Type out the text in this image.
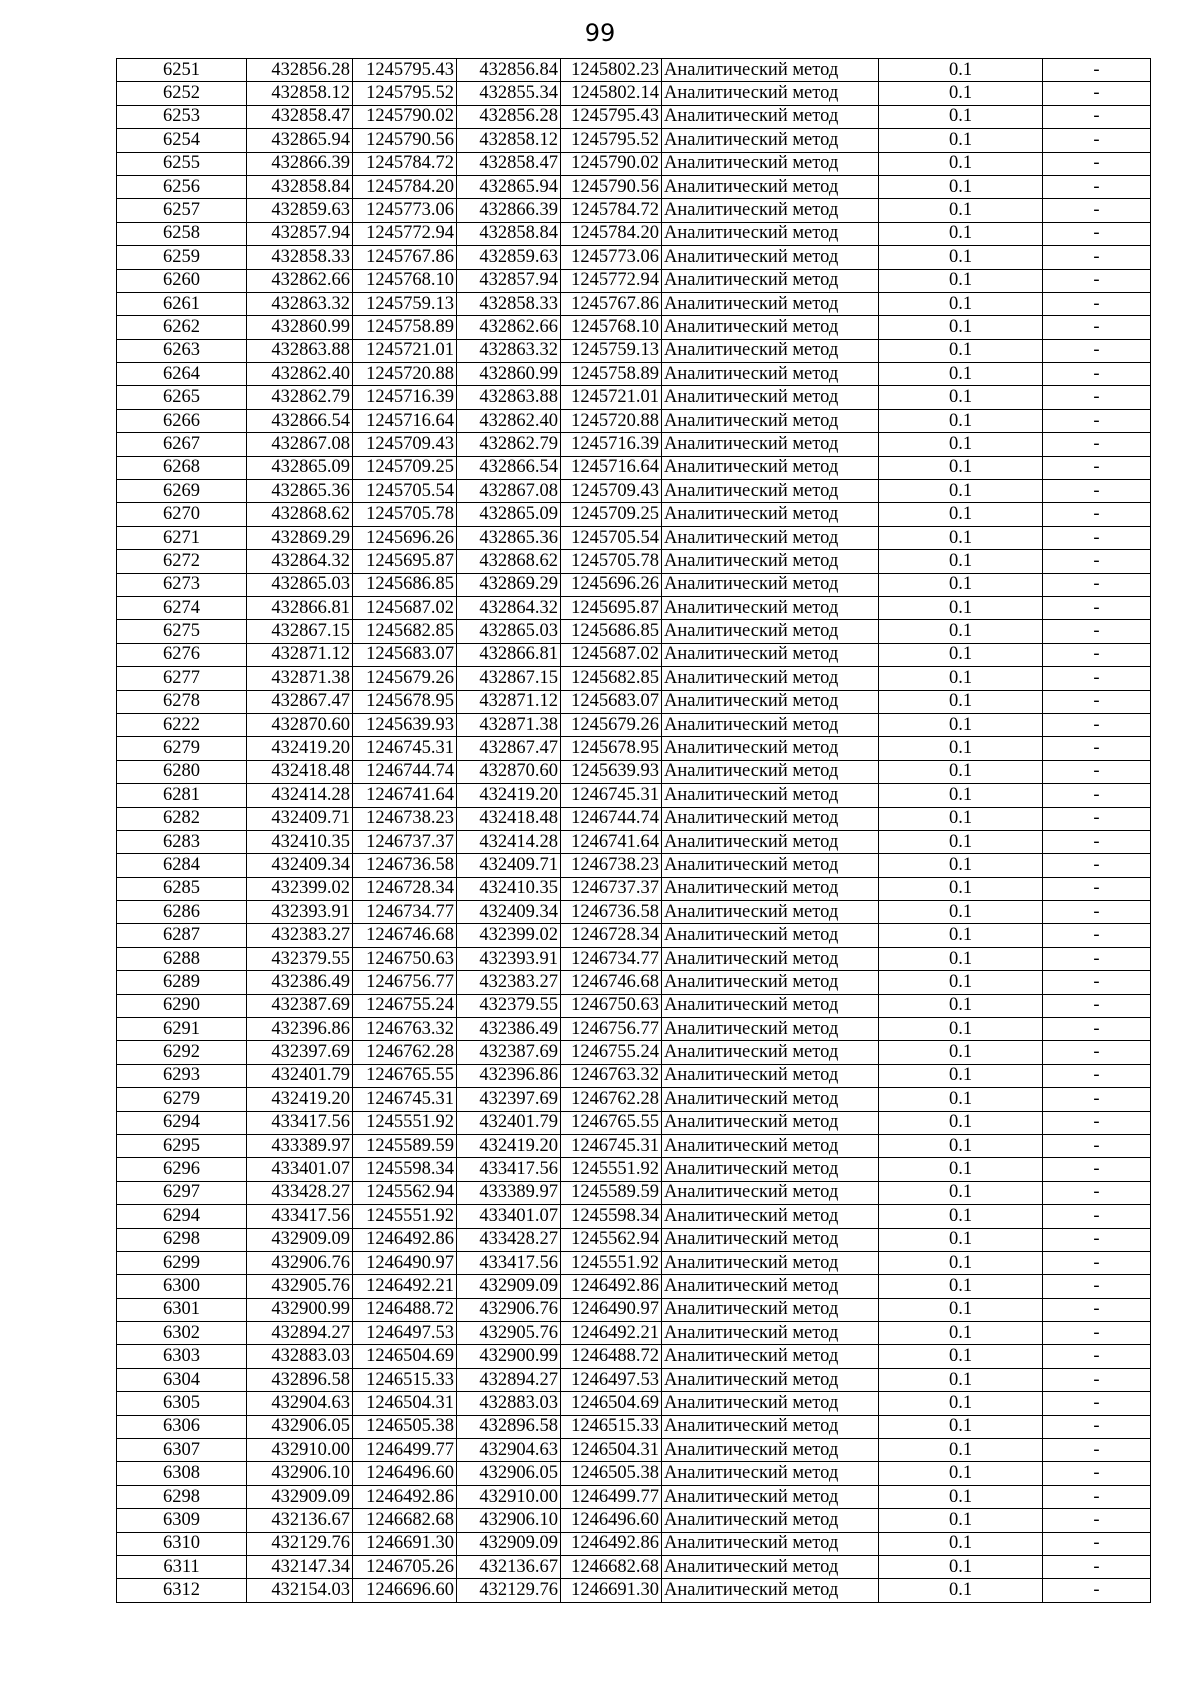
99
6251	432856.28	1245795.43	432856.84	1245802.23	Аналитический метод	0.1	-
6252	432858.12	1245795.52	432855.34	1245802.14	Аналитический метод	0.1	-
6253	432858.47	1245790.02	432856.28	1245795.43	Аналитический метод	0.1	-
6254	432865.94	1245790.56	432858.12	1245795.52	Аналитический метод	0.1	-
6255	432866.39	1245784.72	432858.47	1245790.02	Аналитический метод	0.1	-
6256	432858.84	1245784.20	432865.94	1245790.56	Аналитический метод	0.1	-
6257	432859.63	1245773.06	432866.39	1245784.72	Аналитический метод	0.1	-
6258	432857.94	1245772.94	432858.84	1245784.20	Аналитический метод	0.1	-
6259	432858.33	1245767.86	432859.63	1245773.06	Аналитический метод	0.1	-
6260	432862.66	1245768.10	432857.94	1245772.94	Аналитический метод	0.1	-
6261	432863.32	1245759.13	432858.33	1245767.86	Аналитический метод	0.1	-
6262	432860.99	1245758.89	432862.66	1245768.10	Аналитический метод	0.1	-
6263	432863.88	1245721.01	432863.32	1245759.13	Аналитический метод	0.1	-
6264	432862.40	1245720.88	432860.99	1245758.89	Аналитический метод	0.1	-
6265	432862.79	1245716.39	432863.88	1245721.01	Аналитический метод	0.1	-
6266	432866.54	1245716.64	432862.40	1245720.88	Аналитический метод	0.1	-
6267	432867.08	1245709.43	432862.79	1245716.39	Аналитический метод	0.1	-
6268	432865.09	1245709.25	432866.54	1245716.64	Аналитический метод	0.1	-
6269	432865.36	1245705.54	432867.08	1245709.43	Аналитический метод	0.1	-
6270	432868.62	1245705.78	432865.09	1245709.25	Аналитический метод	0.1	-
6271	432869.29	1245696.26	432865.36	1245705.54	Аналитический метод	0.1	-
6272	432864.32	1245695.87	432868.62	1245705.78	Аналитический метод	0.1	-
6273	432865.03	1245686.85	432869.29	1245696.26	Аналитический метод	0.1	-
6274	432866.81	1245687.02	432864.32	1245695.87	Аналитический метод	0.1	-
6275	432867.15	1245682.85	432865.03	1245686.85	Аналитический метод	0.1	-
6276	432871.12	1245683.07	432866.81	1245687.02	Аналитический метод	0.1	-
6277	432871.38	1245679.26	432867.15	1245682.85	Аналитический метод	0.1	-
6278	432867.47	1245678.95	432871.12	1245683.07	Аналитический метод	0.1	-
6222	432870.60	1245639.93	432871.38	1245679.26	Аналитический метод	0.1	-
6279	432419.20	1246745.31	432867.47	1245678.95	Аналитический метод	0.1	-
6280	432418.48	1246744.74	432870.60	1245639.93	Аналитический метод	0.1	-
6281	432414.28	1246741.64	432419.20	1246745.31	Аналитический метод	0.1	-
6282	432409.71	1246738.23	432418.48	1246744.74	Аналитический метод	0.1	-
6283	432410.35	1246737.37	432414.28	1246741.64	Аналитический метод	0.1	-
6284	432409.34	1246736.58	432409.71	1246738.23	Аналитический метод	0.1	-
6285	432399.02	1246728.34	432410.35	1246737.37	Аналитический метод	0.1	-
6286	432393.91	1246734.77	432409.34	1246736.58	Аналитический метод	0.1	-
6287	432383.27	1246746.68	432399.02	1246728.34	Аналитический метод	0.1	-
6288	432379.55	1246750.63	432393.91	1246734.77	Аналитический метод	0.1	-
6289	432386.49	1246756.77	432383.27	1246746.68	Аналитический метод	0.1	-
6290	432387.69	1246755.24	432379.55	1246750.63	Аналитический метод	0.1	-
6291	432396.86	1246763.32	432386.49	1246756.77	Аналитический метод	0.1	-
6292	432397.69	1246762.28	432387.69	1246755.24	Аналитический метод	0.1	-
6293	432401.79	1246765.55	432396.86	1246763.32	Аналитический метод	0.1	-
6279	432419.20	1246745.31	432397.69	1246762.28	Аналитический метод	0.1	-
6294	433417.56	1245551.92	432401.79	1246765.55	Аналитический метод	0.1	-
6295	433389.97	1245589.59	432419.20	1246745.31	Аналитический метод	0.1	-
6296	433401.07	1245598.34	433417.56	1245551.92	Аналитический метод	0.1	-
6297	433428.27	1245562.94	433389.97	1245589.59	Аналитический метод	0.1	-
6294	433417.56	1245551.92	433401.07	1245598.34	Аналитический метод	0.1	-
6298	432909.09	1246492.86	433428.27	1245562.94	Аналитический метод	0.1	-
6299	432906.76	1246490.97	433417.56	1245551.92	Аналитический метод	0.1	-
6300	432905.76	1246492.21	432909.09	1246492.86	Аналитический метод	0.1	-
6301	432900.99	1246488.72	432906.76	1246490.97	Аналитический метод	0.1	-
6302	432894.27	1246497.53	432905.76	1246492.21	Аналитический метод	0.1	-
6303	432883.03	1246504.69	432900.99	1246488.72	Аналитический метод	0.1	-
6304	432896.58	1246515.33	432894.27	1246497.53	Аналитический метод	0.1	-
6305	432904.63	1246504.31	432883.03	1246504.69	Аналитический метод	0.1	-
6306	432906.05	1246505.38	432896.58	1246515.33	Аналитический метод	0.1	-
6307	432910.00	1246499.77	432904.63	1246504.31	Аналитический метод	0.1	-
6308	432906.10	1246496.60	432906.05	1246505.38	Аналитический метод	0.1	-
6298	432909.09	1246492.86	432910.00	1246499.77	Аналитический метод	0.1	-
6309	432136.67	1246682.68	432906.10	1246496.60	Аналитический метод	0.1	-
6310	432129.76	1246691.30	432909.09	1246492.86	Аналитический метод	0.1	-
6311	432147.34	1246705.26	432136.67	1246682.68	Аналитический метод	0.1	-
6312	432154.03	1246696.60	432129.76	1246691.30	Аналитический метод	0.1	-
